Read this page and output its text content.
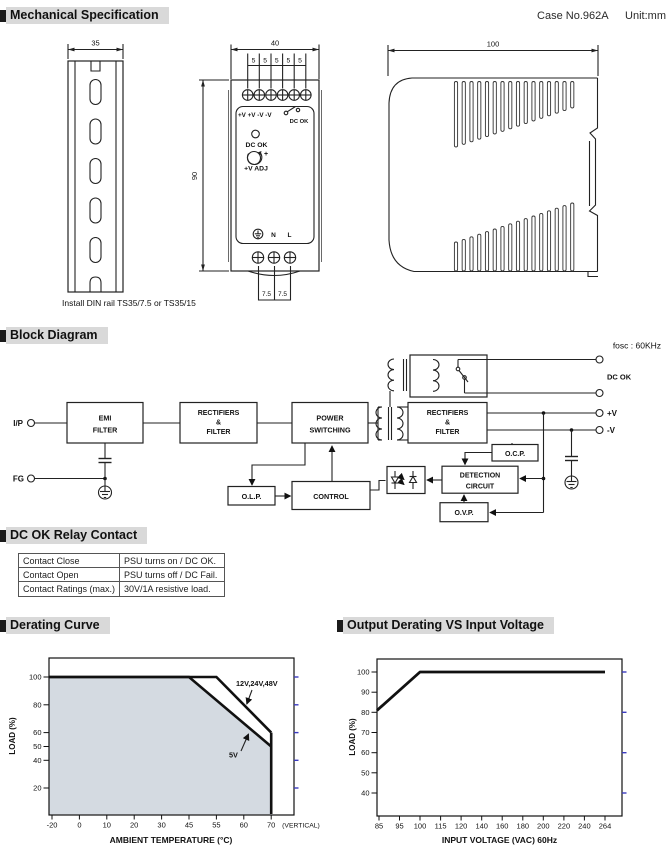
Mechanical Specification	Case No.962A Unit:mm
Block Diagram
DC OK Relay Contact
Derating Curve	Output Derating VS Input Voltage
35
Install DIN rail TS35/7.5 or TS35/15
40
5 5 5 5 5
+V +V -V -V
DC OK
DC OK
+
+V ADJ
N L
7.5 7.5
90
100
fosc : 60KHz
I/P
EMI
FILTER
RECTIFIERS
&
FILTER
POWER
SWITCHING
RECTIFIERS
&
FILTER
DC OK
+V
-V
O.C.P.
DETECTION
CIRCUIT
O.V.P.
CONTROL
O.L.P.
FG
Contact Close	PSU turns on / DC OK.
Contact Open	PSU turns off / DC Fail.
Contact Ratings (max.)	30V/1A resistive load.
100
80
60
50
40
20
-20	0	10	20	30	45	55	60	70 (VERTICAL)
12V,24V,48V
5V
LOAD (%)
AMBIENT TEMPERATURE (°C)
100
90
80
70
60
50
40
85 95 100 115 120 140 160 180 200 220 240 264
LOAD (%)
INPUT VOLTAGE (VAC) 60Hz
